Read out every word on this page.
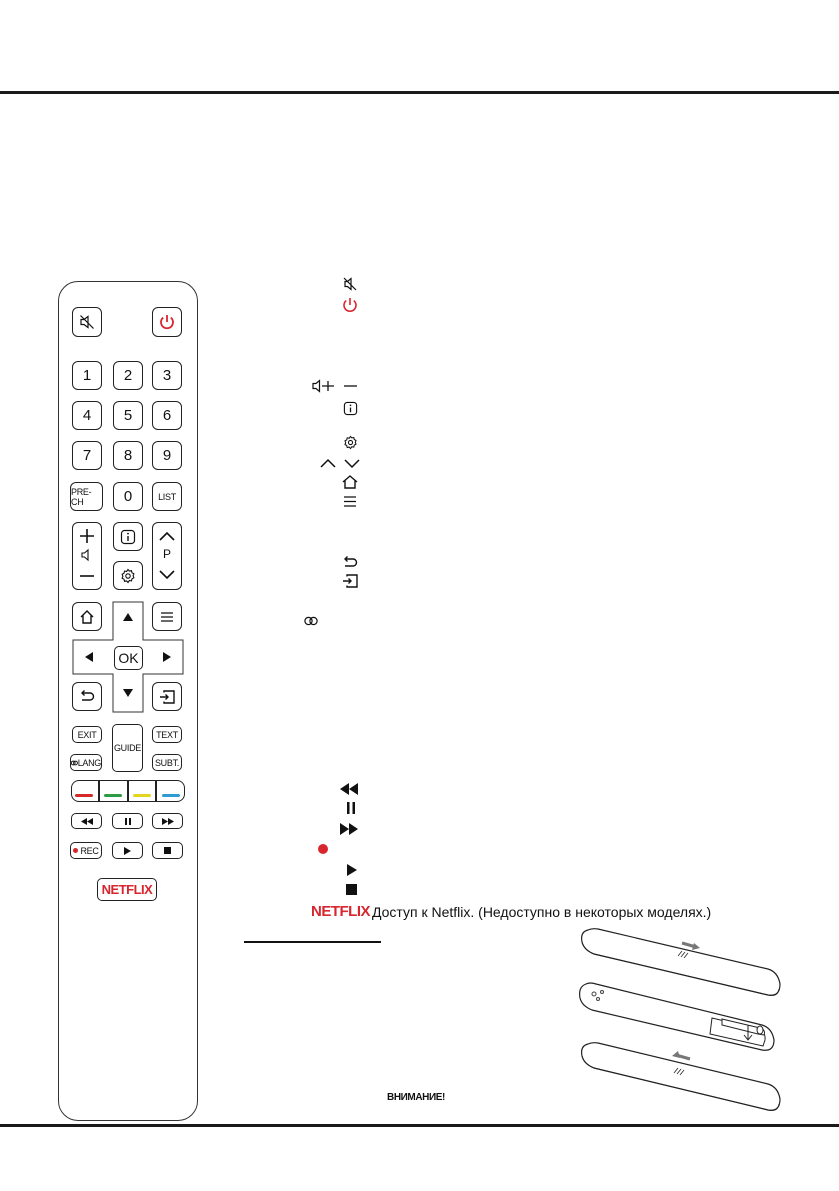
1	2	3
4	5	6
7	8	9
PRE-CH	0	LIST
P
OK
EXIT
GUIDE
TEXT
LANG	SUBT.
REC
NETFLIX
NETFLIX Доступ к Netflix. (Недоступно в некоторых моделях.)
ВНИМАНИЕ!
